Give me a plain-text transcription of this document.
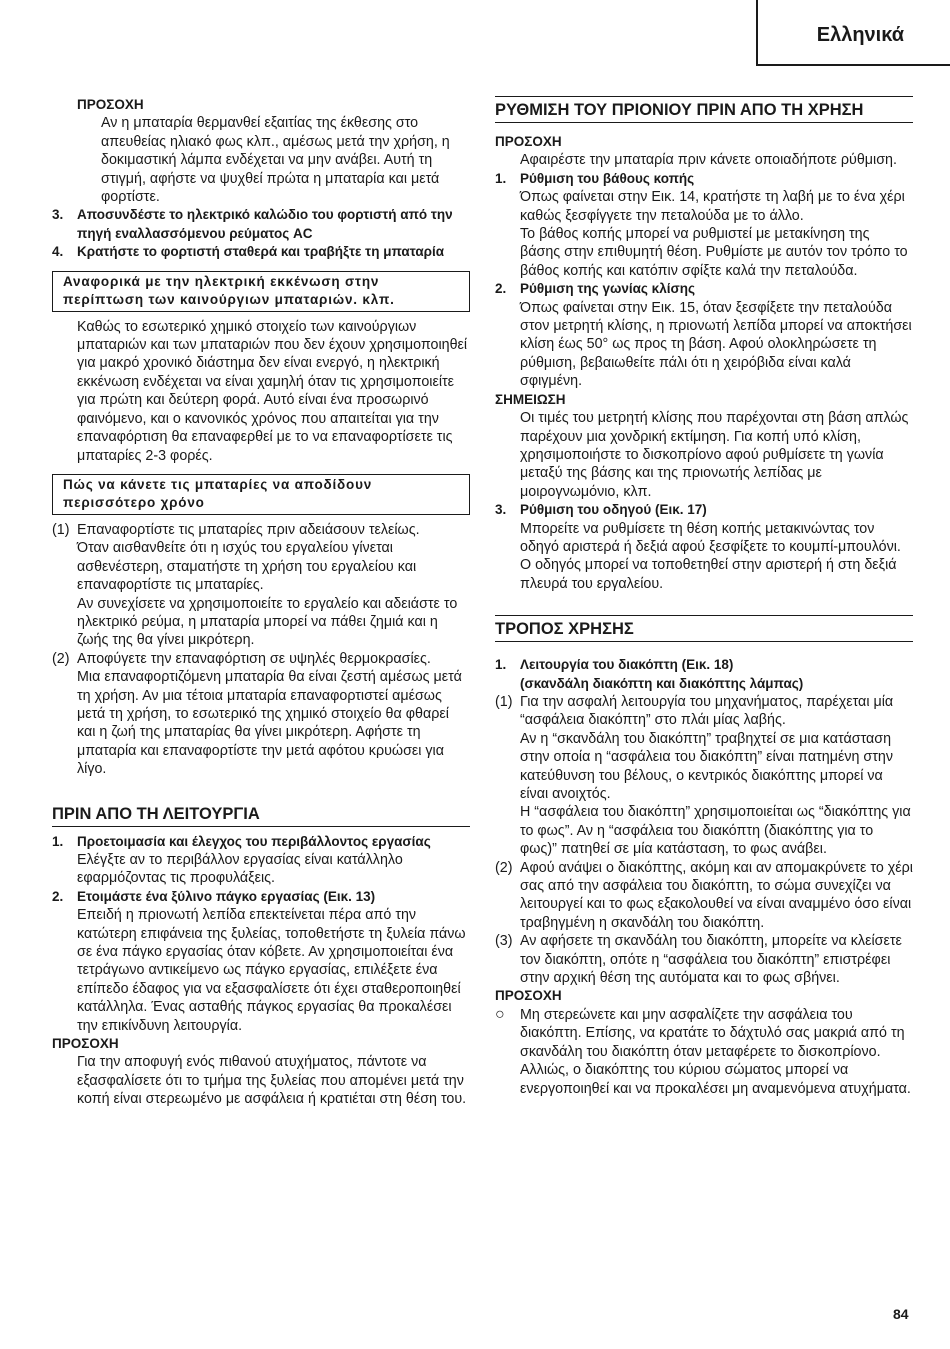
Ελληνικά
ΠΡΟΣΟΧΗ

Αν η μπαταρία θερμανθεί εξαιτίας της έκθεσης στο απευθείας ηλιακό φως κλπ., αμέσως μετά την χρήση, η δοκιμαστική λάμπα ενδέχεται να μην ανάβει. Αυτή τη στιγμή, αφήστε να ψυχθεί πρώτα η μπαταρία και μετά φορτίστε.

3.	Αποσυνδέστε το ηλεκτρικό καλώδιο του φορτιστή από την πηγή εναλλασσόμενου ρεύματος AC
4.	Κρατήστε το φορτιστή σταθερά και τραβήξτε τη μπαταρία
Αναφορικά με την ηλεκτρική εκκένωση στην περίπτωση των καινούργιων μπαταριών. κλπ.

Καθώς το εσωτερικό χημικό στοιχείο των καινούργιων μπαταριών και των μπαταριών που δεν έχουν χρησιμοποιηθεί για μακρό χρονικό διάστημα δεν είναι ενεργό, η ηλεκτρική εκκένωση ενδέχεται να είναι χαμηλή όταν τις χρησιμοποιείτε για πρώτη και δεύτερη φορά. Αυτό είναι ένα προσωρινό φαινόμενο, και ο κανονικός χρόνος που απαιτείται για την επαναφόρτιση θα επαναφερθεί με το να επαναφορτίσετε τις μπαταρίες 2-3 φορές.

Πώς να κάνετε τις μπαταρίες να αποδίδουν περισσότερο χρόνο
(1) Επαναφορτίστε τις μπαταρίες πριν αδειάσουν τελείως.

Όταν αισθανθείτε ότι η ισχύς του εργαλείου γίνεται ασθενέστερη, σταματήστε τη χρήση του εργαλείου και επαναφορτίστε τις μπαταρίες.

Αν συνεχίσετε να χρησιμοποιείτε το εργαλείο και αδειάστε το ηλεκτρικό ρεύμα, η μπαταρία μπορεί να πάθει ζημιά και η ζωής της θα γίνει μικρότερη.

(2) Αποφύγετε την επαναφόρτιση σε υψηλές θερμοκρασίες.

Μια επαναφορτιζόμενη μπαταρία θα είναι ζεστή αμέσως μετά τη χρήση. Αν μια τέτοια μπαταρία επαναφορτιστεί αμέσως μετά τη χρήση, το εσωτερικό της χημικό στοιχείο θα φθαρεί και η ζωή της μπαταρίας θα γίνει μικρότερη. Αφήστε τη μπαταρία και επαναφορτίστε την μετά αφότου κρυώσει για λίγο.

ΠΡΙΝ ΑΠΟ ΤΗ ΛΕΙΤΟΥΡΓΙΑ
1.	Προετοιμασία και έλεγχος του περιβάλλοντος εργασίας

Ελέγξτε αν το περιβάλλον εργασίας είναι κατάλληλο εφαρμόζοντας τις προφυλάξεις.

2.	Ετοιμάστε ένα ξύλινο πάγκο εργασίας (Εικ. 13)

Επειδή η πριονωτή λεπίδα επεκτείνεται πέρα από την κατώτερη επιφάνεια της ξυλείας, τοποθετήστε τη ξυλεία πάνω σε ένα πάγκο εργασίας όταν κόβετε. Αν χρησιμοποιείται ένα τετράγωνο αντικείμενο ως πάγκο εργασίας, επιλέξετε ένα επίπεδο έδαφος για να εξασφαλίσετε ότι έχει σταθεροποιηθεί κατάλληλα. Ένας ασταθής πάγκος εργασίας θα προκαλέσει την επικίνδυνη λειτουργία.

ΠΡΟΣΟΧΗ

Για την αποφυγή ενός πιθανού ατυχήματος, πάντοτε να εξασφαλίσετε ότι το τμήμα της ξυλείας που απομένει μετά την κοπή είναι στερεωμένο με ασφάλεια ή κρατιέται στη θέση του.

ΡΥΘΜΙΣΗ ΤΟΥ ΠΡΙΟΝΙΟΥ ΠΡΙΝ ΑΠΟ ΤΗ ΧΡΗΣΗ
ΠΡΟΣΟΧΗ

Αφαιρέστε την μπαταρία πριν κάνετε οποιαδήποτε ρύθμιση.

1.	Ρύθμιση του βάθους κοπής

Όπως φαίνεται στην Εικ. 14, κρατήστε τη λαβή με το ένα χέρι καθώς ξεσφίγγετε την πεταλούδα με το άλλο.

Το βάθος κοπής μπορεί να ρυθμιστεί με μετακίνηση της βάσης στην επιθυμητή θέση. Ρυθμίστε με αυτόν τον τρόπο το βάθος κοπής και κατόπιν σφίξτε καλά την πεταλούδα.

2.	Ρύθμιση της γωνίας κλίσης

Όπως φαίνεται στην Εικ. 15, όταν ξεσφίξετε την πεταλούδα στον μετρητή κλίσης, η πριονωτή λεπίδα μπορεί να αποκτήσει κλίση έως 50° ως προς τη βάση. Αφού ολοκληρώσετε τη ρύθμιση, βεβαιωθείτε πάλι ότι η χειρόβιδα είναι καλά σφιγμένη.

ΣΗΜΕΙΩΣΗ

Οι τιμές του μετρητή κλίσης που παρέχονται στη βάση απλώς παρέχουν μια χονδρική εκτίμηση. Για κοπή υπό κλίση, χρησιμοποιήστε το δισκοπρίονο αφού ρυθμίσετε τη γωνία μεταξύ της βάσης και της πριονωτής λεπίδας με μοιρογνωμόνιο, κλπ.

3.	Ρύθμιση του οδηγού (Εικ. 17)

Μπορείτε να ρυθμίσετε τη θέση κοπής μετακινώντας τον οδηγό αριστερά ή δεξιά αφού ξεσφίξετε το κουμπί-μπουλόνι. Ο οδηγός μπορεί να τοποθετηθεί στην αριστερή ή στη δεξιά πλευρά του εργαλείου.

ΤΡΟΠΟΣ ΧΡΗΣΗΣ
1.	Λειτουργία του διακόπτη (Εικ. 18)
(σκανδάλη διακόπτη και διακόπτης λάμπας)
(1) Για την ασφαλή λειτουργία του μηχανήματος, παρέχεται μία “ασφάλεια διακόπτη” στο πλάι μίας λαβής.

Αν η “σκανδάλη του διακόπτη” τραβηχτεί σε μια κατάσταση στην οποία η “ασφάλεια του διακόπτη” είναι πατημένη στην κατεύθυνση του βέλους, ο κεντρικός διακόπτης μπορεί να είναι ανοιχτός.

Η “ασφάλεια του διακόπτη” χρησιμοποιείται ως “διακόπτης για το φως”. Αν η “ασφάλεια του διακόπτη (διακόπτης για το φως)” πατηθεί σε μία κατάσταση, το φως ανάβει.

(2) Αφού ανάψει ο διακόπτης, ακόμη και αν απομακρύνετε το χέρι σας από την ασφάλεια του διακόπτη, το σώμα συνεχίζει να λειτουργεί και το φως εξακολουθεί να είναι αναμμένο όσο είναι τραβηγμένη η σκανδάλη του διακόπτη.

(3) Αν αφήσετε τη σκανδάλη του διακόπτη, μπορείτε να κλείσετε τον διακόπτη, οπότε η “ασφάλεια του διακόπτη” επιστρέφει στην αρχική θέση της αυτόματα και το φως σβήνει.

ΠΡΟΣΟΧΗ
○	Μη στερεώνετε και μην ασφαλίζετε την ασφάλεια του διακόπτη. Επίσης, να κρατάτε το δάχτυλό σας μακριά από τη σκανδάλη του διακόπτη όταν μεταφέρετε το δισκοπρίονο. Αλλιώς, ο διακόπτης του κύριου σώματος μπορεί να ενεργοποιηθεί και να προκαλέσει μη αναμενόμενα ατυχήματα.

84
